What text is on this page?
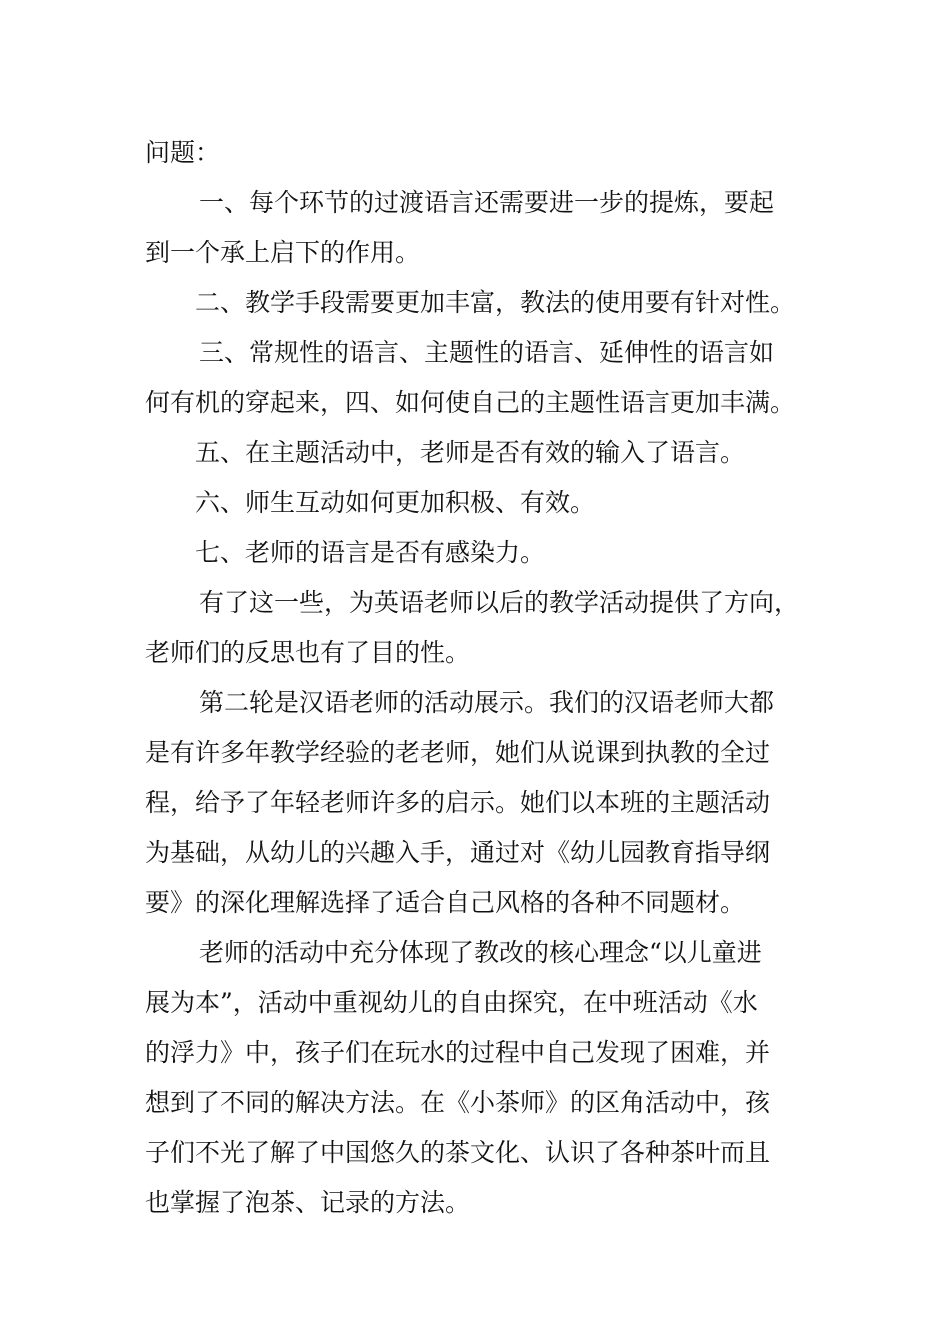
问题：
一、每个环节的过渡语言还需要进一步的提炼，要起
到一个承上启下的作用。
二、教学手段需要更加丰富，教法的使用要有针对性。
三、常规性的语言、主题性的语言、延伸性的语言如
何有机的穿起来，四、如何使自己的主题性语言更加丰满。
五、在主题活动中，老师是否有效的输入了语言。
六、师生互动如何更加积极、有效。
七、老师的语言是否有感染力。
有了这一些，为英语老师以后的教学活动提供了方向，
老师们的反思也有了目的性。
第二轮是汉语老师的活动展示。我们的汉语老师大都
是有许多年教学经验的老老师，她们从说课到执教的全过
程，给予了年轻老师许多的启示。她们以本班的主题活动
为基础，从幼儿的兴趣入手，通过对《幼儿园教育指导纲
要》的深化理解选择了适合自己风格的各种不同题材。
老师的活动中充分体现了教改的核心理念“以儿童进
展为本”，活动中重视幼儿的自由探究，在中班活动《水
的浮力》中，孩子们在玩水的过程中自己发现了困难，并
想到了不同的解决方法。在《小茶师》的区角活动中，孩
子们不光了解了中国悠久的茶文化、认识了各种茶叶而且
也掌握了泡茶、记录的方法。
